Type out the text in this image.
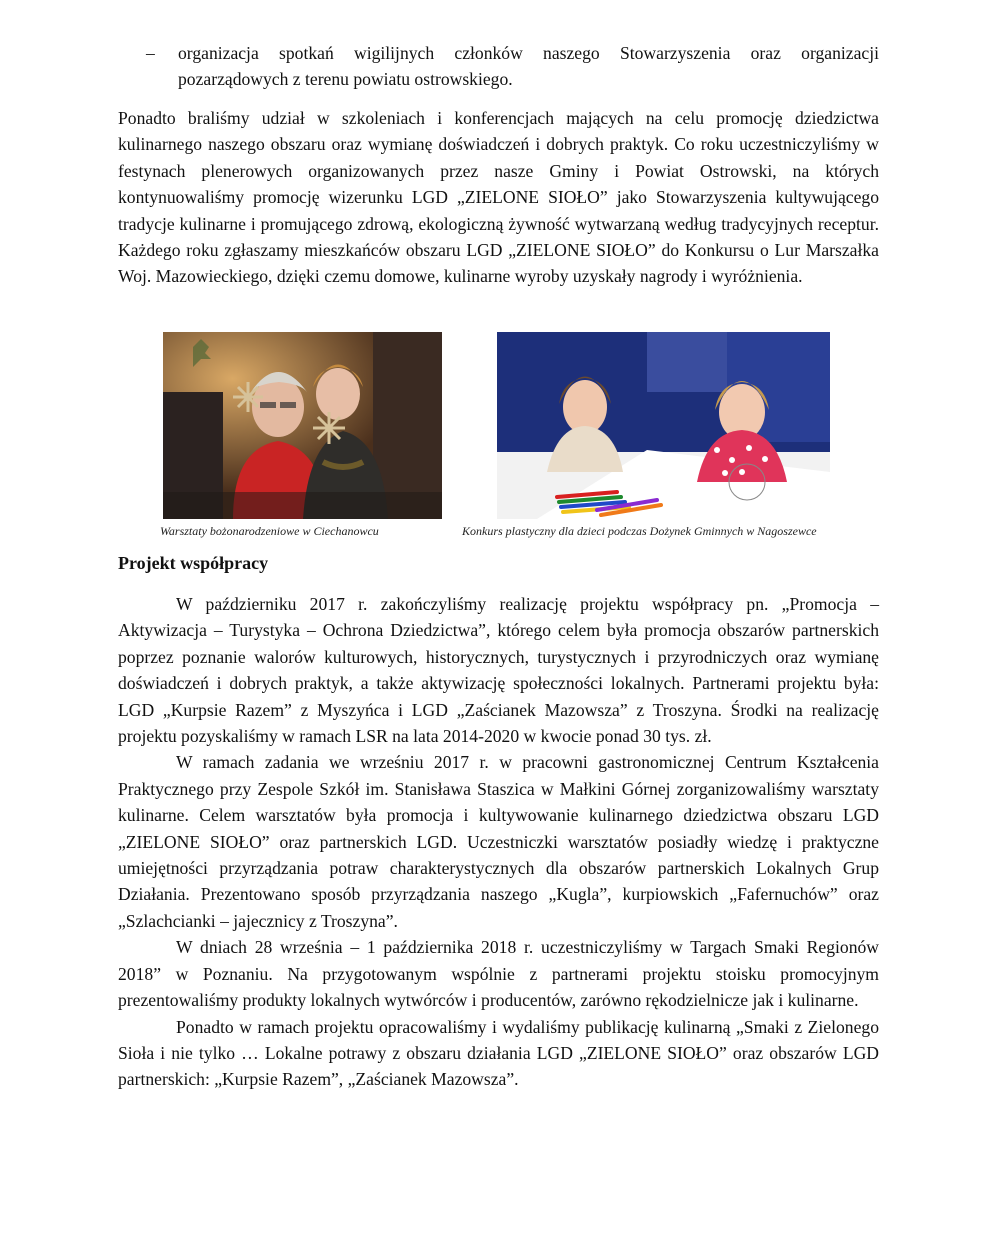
– organizacja spotkań wigilijnych członków naszego Stowarzyszenia oraz organizacji pozarządowych z terenu powiatu ostrowskiego.
Ponadto braliśmy udział w szkoleniach i konferencjach mających na celu promocję dziedzictwa kulinarnego naszego obszaru oraz wymianę doświadczeń i dobrych praktyk. Co roku uczestniczyliśmy w festynach plenerowych organizowanych przez nasze Gminy i Powiat Ostrowski, na których kontynuowaliśmy promocję wizerunku LGD „ZIELONE SIOŁO” jako Stowarzyszenia kultywującego tradycje kulinarne i promującego zdrową, ekologiczną żywność wytwarzaną według tradycyjnych receptur. Każdego roku zgłaszamy mieszkańców obszaru LGD „ZIELONE SIOŁO” do Konkursu o Lur Marszałka Woj. Mazowieckiego, dzięki czemu domowe, kulinarne wyroby uzyskały nagrody i wyróżnienia.
Warsztaty bożonarodzeniowe w Ciechanowcu	Konkurs plastyczny dla dzieci podczas Dożynek Gminnych w Nagoszewce
Projekt współpracy

W październiku 2017 r. zakończyliśmy realizację projektu współpracy pn. „Promocja – Aktywizacja – Turystyka – Ochrona Dziedzictwa”, którego celem była promocja obszarów partnerskich poprzez poznanie walorów kulturowych, historycznych, turystycznych i przyrodniczych oraz wymianę doświadczeń i dobrych praktyk, a także aktywizację społeczności lokalnych. Partnerami projektu była: LGD „Kurpsie Razem” z Myszyńca i LGD „Zaścianek Mazowsza” z Troszyna. Środki na realizację projektu pozyskaliśmy w ramach LSR na lata 2014-2020 w kwocie ponad 30 tys. zł.

W ramach zadania we wrześniu 2017 r. w pracowni gastronomicznej Centrum Kształcenia Praktycznego przy Zespole Szkół im. Stanisława Staszica w Małkini Górnej zorganizowaliśmy warsztaty kulinarne. Celem warsztatów była promocja i kultywowanie kulinarnego dziedzictwa obszaru LGD „ZIELONE SIOŁO” oraz partnerskich LGD. Uczestniczki warsztatów posiadły wiedzę i praktyczne umiejętności przyrządzania potraw charakterystycznych dla obszarów partnerskich Lokalnych Grup Działania. Prezentowano sposób przyrządzania naszego „Kugla”, kurpiowskich „Fafernuchów” oraz „Szlachcianki – jajecznicy z Troszyna”.

W dniach 28 września – 1 października 2018 r. uczestniczyliśmy w Targach Smaki Regionów 2018” w Poznaniu. Na przygotowanym wspólnie z partnerami projektu stoisku promocyjnym prezentowaliśmy produkty lokalnych wytwórców i producentów, zarówno rękodzielnicze jak i kulinarne.

Ponadto w ramach projektu opracowaliśmy i wydaliśmy publikację kulinarną „Smaki z Zielonego Sioła i nie tylko … Lokalne potrawy z obszaru działania LGD „ZIELONE SIOŁO” oraz obszarów LGD partnerskich: „Kurpsie Razem”, „Zaścianek Mazowsza”.
